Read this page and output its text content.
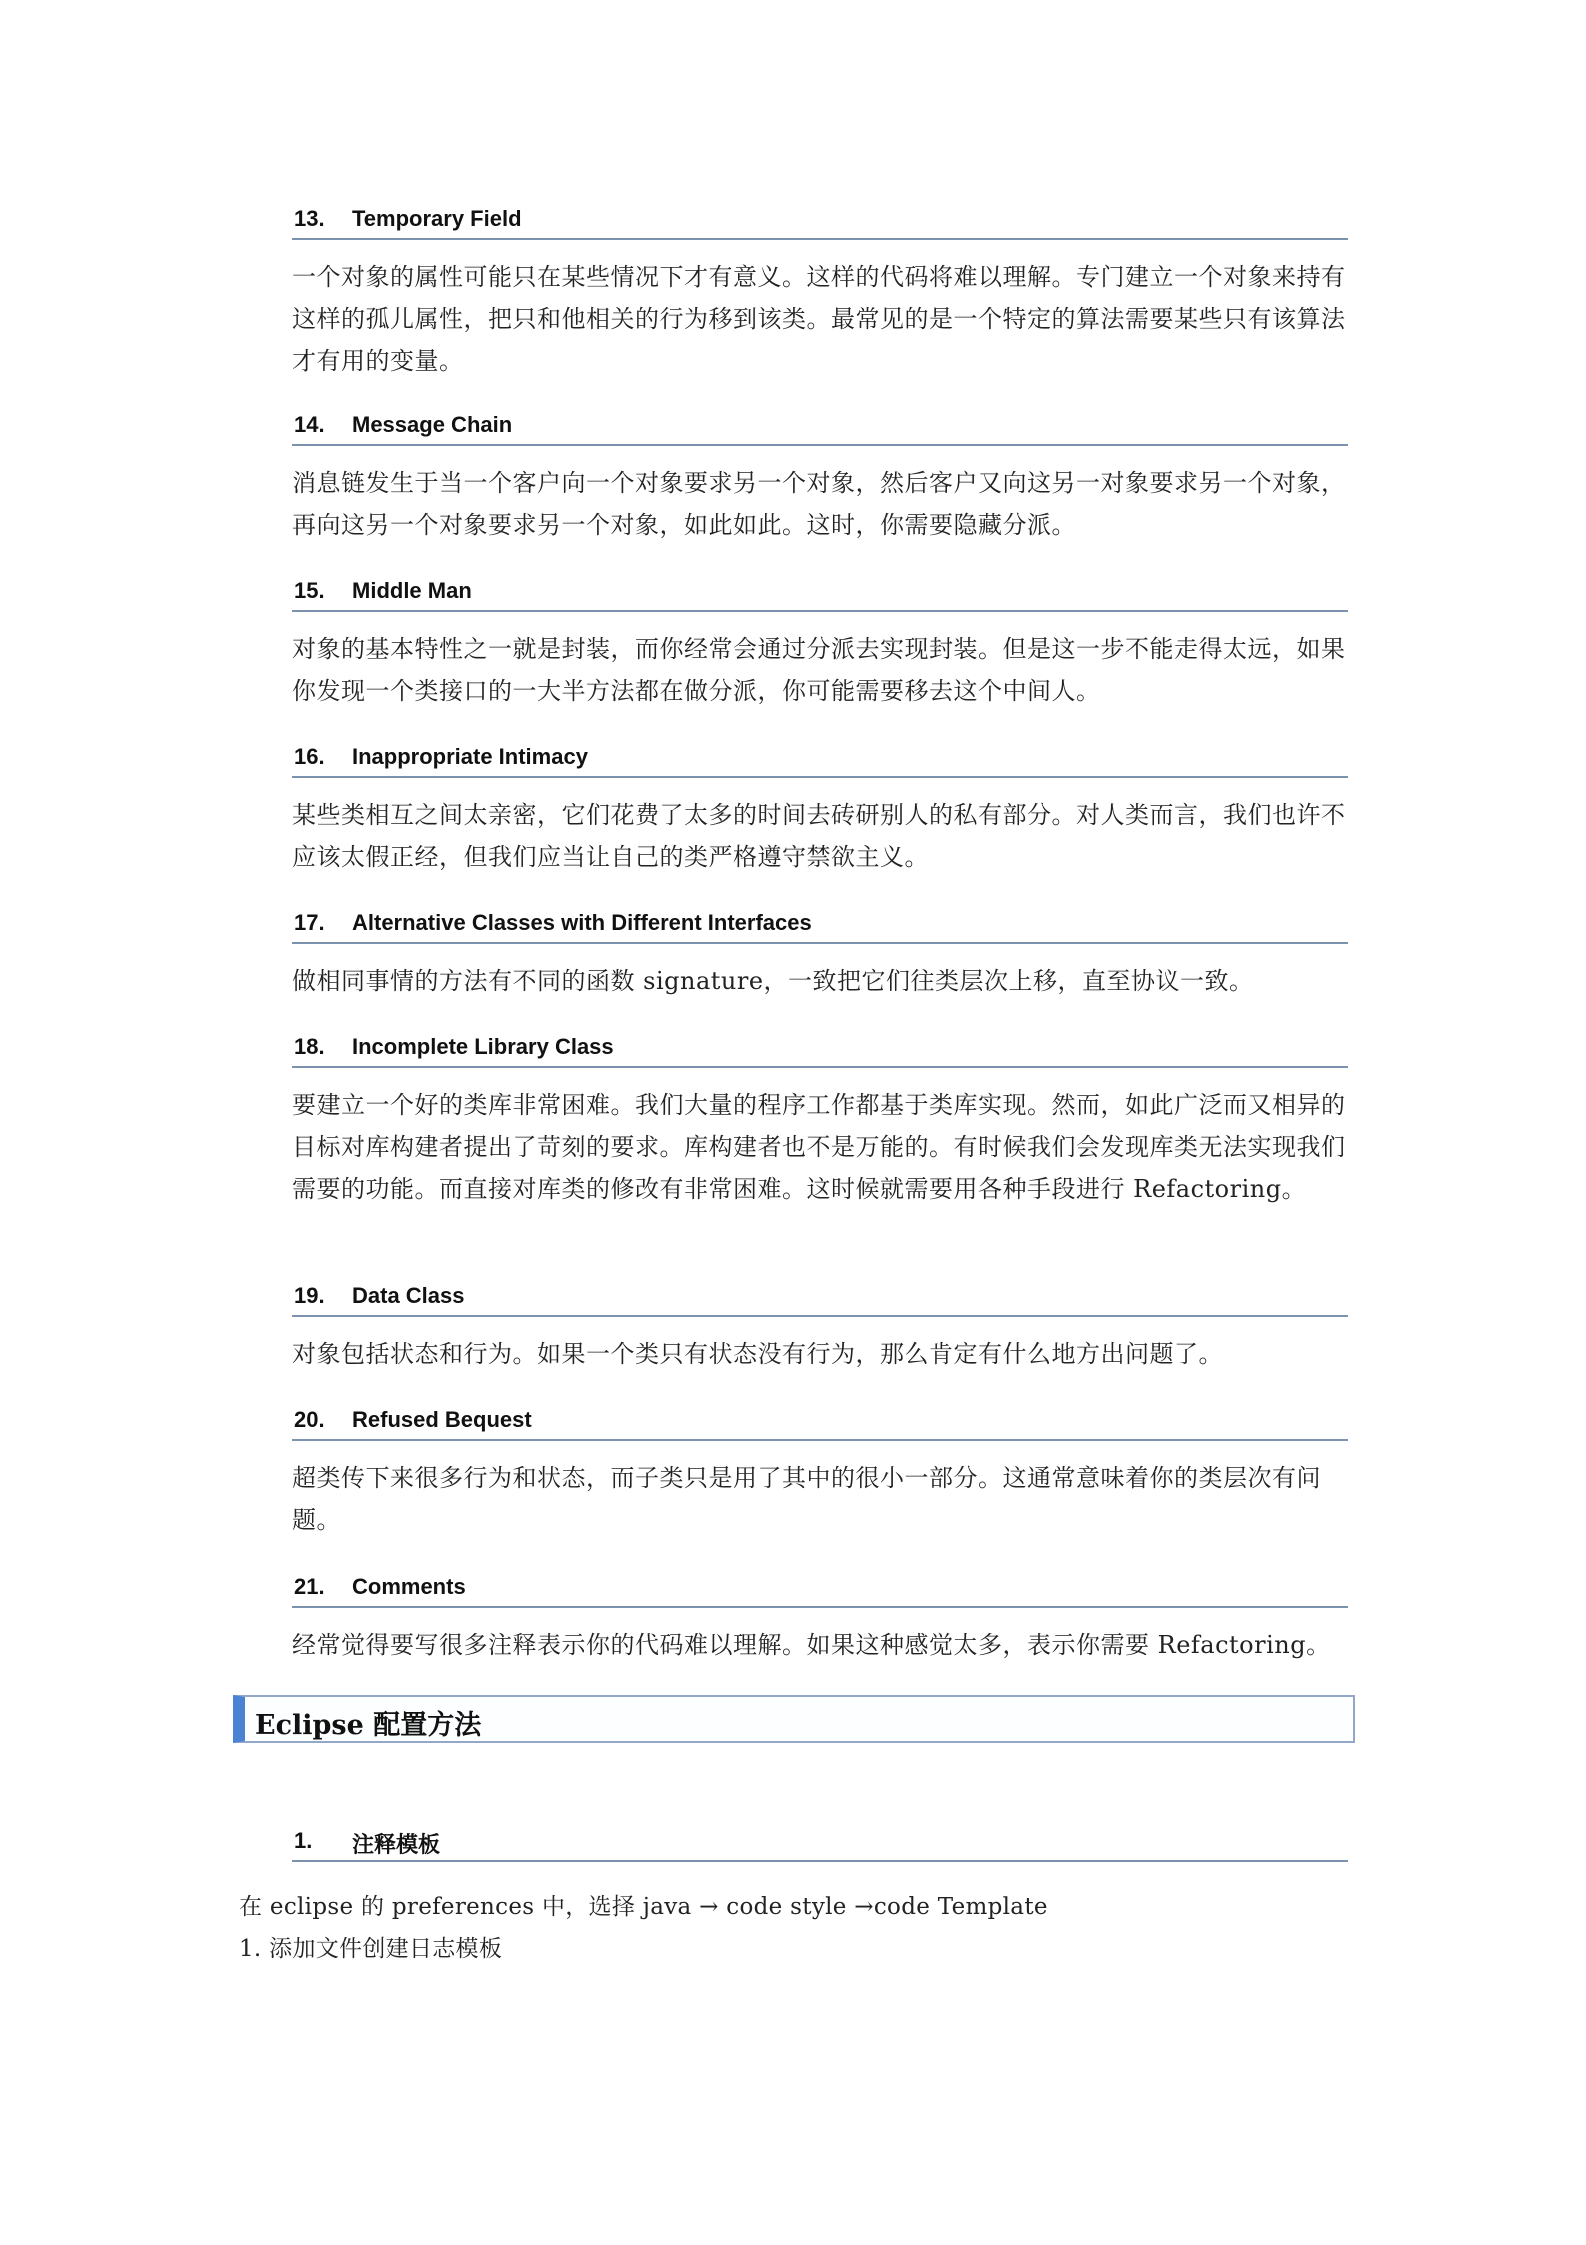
13. Temporary Field
一个对象的属性可能只在某些情况下才有意义。这样的代码将难以理解。专门建立一个对象来持有这样的孤儿属性，把只和他相关的行为移到该类。最常见的是一个特定的算法需要某些只有该算法才有用的变量。
14. Message Chain
消息链发生于当一个客户向一个对象要求另一个对象，然后客户又向这另一对象要求另一个对象，再向这另一个对象要求另一个对象，如此如此。这时，你需要隐藏分派。
15. Middle Man
对象的基本特性之一就是封装，而你经常会通过分派去实现封装。但是这一步不能走得太远，如果你发现一个类接口的一大半方法都在做分派，你可能需要移去这个中间人。
16. Inappropriate Intimacy
某些类相互之间太亲密，它们花费了太多的时间去砖研别人的私有部分。对人类而言，我们也许不应该太假正经，但我们应当让自己的类严格遵守禁欲主义。
17. Alternative Classes with Different Interfaces
做相同事情的方法有不同的函数 signature，一致把它们往类层次上移，直至协议一致。
18. Incomplete Library Class
要建立一个好的类库非常困难。我们大量的程序工作都基于类库实现。然而，如此广泛而又相异的目标对库构建者提出了苛刻的要求。库构建者也不是万能的。有时候我们会发现库类无法实现我们需要的功能。而直接对库类的修改有非常困难。这时候就需要用各种手段进行 Refactoring。
19. Data Class
对象包括状态和行为。如果一个类只有状态没有行为，那么肯定有什么地方出问题了。
20. Refused Bequest
超类传下来很多行为和状态，而子类只是用了其中的很小一部分。这通常意味着你的类层次有问题。
21. Comments
经常觉得要写很多注释表示你的代码难以理解。如果这种感觉太多，表示你需要 Refactoring。
Eclipse 配置方法
1. 注释模板
在 eclipse 的 preferences 中，选择 java → code style →code Template
1. 添加文件创建日志模板
